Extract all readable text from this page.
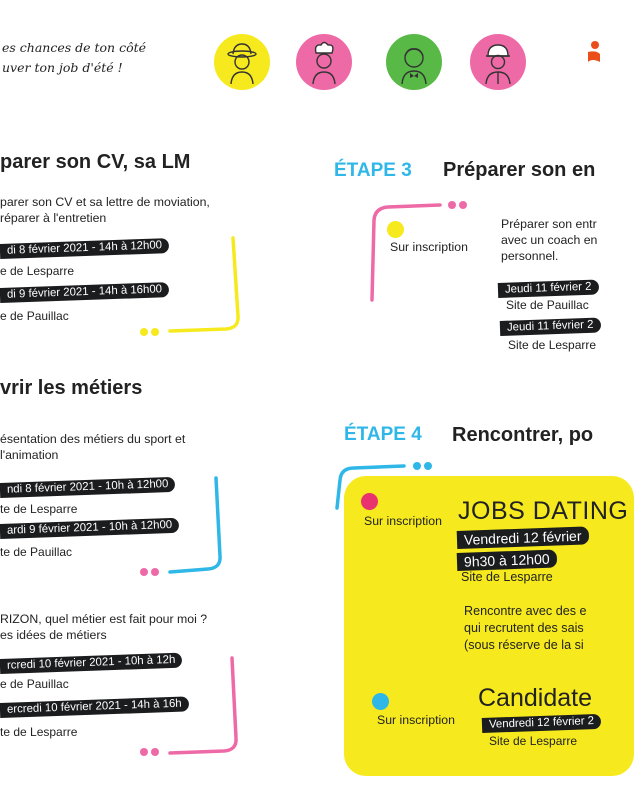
es chances de ton côté
uver ton job d'été !
parer son CV, sa LM
parer son CV et sa lettre de moviation,
réparer à l'entretien
di 8 février 2021 - 14h à 12h00
e de Lesparre
di 9 février 2021 - 14h à 16h00
e de Pauillac
vrir les métiers
ésentation des métiers du sport et
l'animation
ndi 8 février 2021 - 10h à 12h00
te de Lesparre
ardi 9 février 2021 - 10h à 12h00
te de Pauillac
RIZON, quel métier est fait pour moi ?
es idées de métiers
rcredi 10 février 2021 - 10h à 12h
e de Pauillac
ercredi 10 février 2021 - 14h à 16h
te de Lesparre
ÉTAPE 3 Préparer son en
Sur inscription
Préparer son entr
avec un coach en
personnel.
Jeudi 11 février 2
Site de Pauillac
Jeudi 11 février 2
Site de Lesparre
ÉTAPE 4 Rencontrer, po
Sur inscription JOBS DATING
Vendredi 12 février
9h30 à 12h00
Site de Lesparre
Rencontre avec des e
qui recrutent des sais
(sous réserve de la si
Sur inscription
Candidate
Vendredi 12 février 2
Site de Lesparre
